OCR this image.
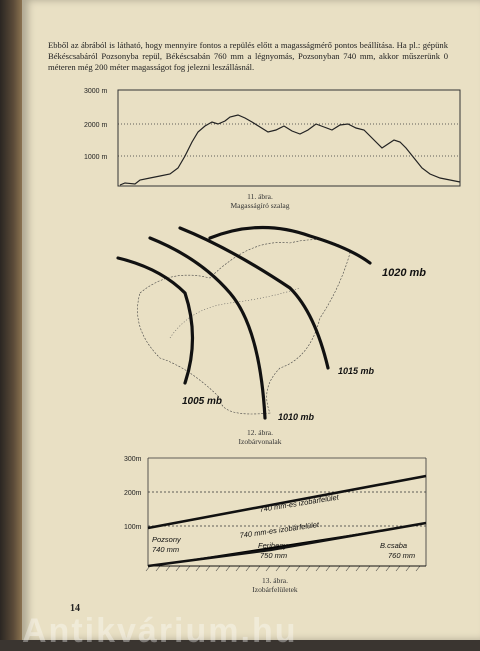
Ebből az ábrából is látható, hogy mennyire fontos a repülés előtt a magasságmérő pontos beállítása. Ha pl.: gépünk Békéscsabáról Pozsonyba repül, Békéscsabán 760 mm a légnyomás, Pozsonyban 740 mm, akkor műszerünk 0 méteren még 200 méter magasságot fog jelezni leszállásnál.
3000 m
2000 m
1000 m
11. ábra.
Magasságíró szalag
1020 mb
1015 mb
1010 mb
1005 mb
12. ábra.
Izobárvonalak
300m
200m
100m
740 mm-es izobárfelület
740 mm-es izobárfelület
Pozsony
740 mm	Ferihegy
750 mm
B.csaba
760 mm
13. ábra.
Izobárfelületek
14
Antikvárium.hu
